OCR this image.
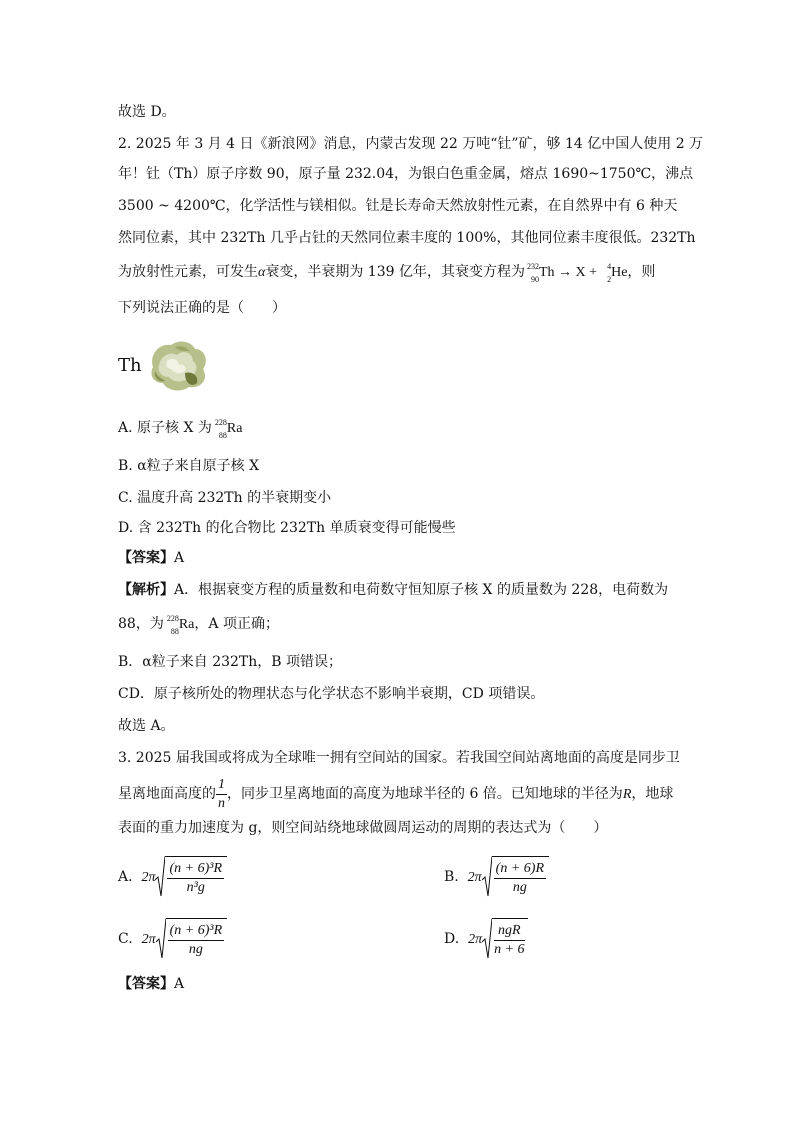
故选 D。
2. 2025 年 3 月 4 日《新浪网》消息，内蒙古发现 22 万吨“钍”矿，够 14 亿中国人使用 2 万
年！钍（Th）原子序数 90，原子量 232.04，为银白色重金属，熔点 1690~1750℃，沸点
3500 ~ 4200℃，化学活性与镁相似。钍是长寿命天然放射性元素，在自然界中有 6 种天
然同位素，其中 232Th 几乎占钍的天然同位素丰度的 100%，其他同位素丰度很低。232Th
为放射性元素，可发生α衰变，半衰期为 139 亿年，其衰变方程为 232
90 Th → X + 4
2 He，则
下列说法正确的是（　　）
Th
A. 原子核 X 为 228
88 Ra
B. α粒子来自原子核 X
C. 温度升高 232Th 的半衰期变小
D. 含 232Th 的化合物比 232Th 单质衰变得可能慢些
【答案】A
【解析】A．根据衰变方程的质量数和电荷数守恒知原子核 X 的质量数为 228，电荷数为
88，为 228
88 Ra，A 项正确；
B．α粒子来自 232Th，B 项错误；
CD．原子核所处的物理状态与化学状态不影响半衰期，CD 项错误。
故选 A。
3. 2025 届我国或将成为全球唯一拥有空间站的国家。若我国空间站离地面的高度是同步卫
星离地面高度的 $\frac{1}{n}$ ，同步卫星离地面的高度为地球半径的 6 倍。已知地球的半径为R，地球
表面的重力加速度为 g，则空间站绕地球做圆周运动的周期的表达式为（　　）
A. $2\pi \frac{\text{(n + 6)³R}}{\text{n³g}}$	B. $2\pi \frac{(n + 6)R}{ng}$
C. $2\pi \frac{\text{(n + 6)³R}}{ng}$	D. $2\pi \frac{\text{ngR}}{n + 6}$
【答案】A
